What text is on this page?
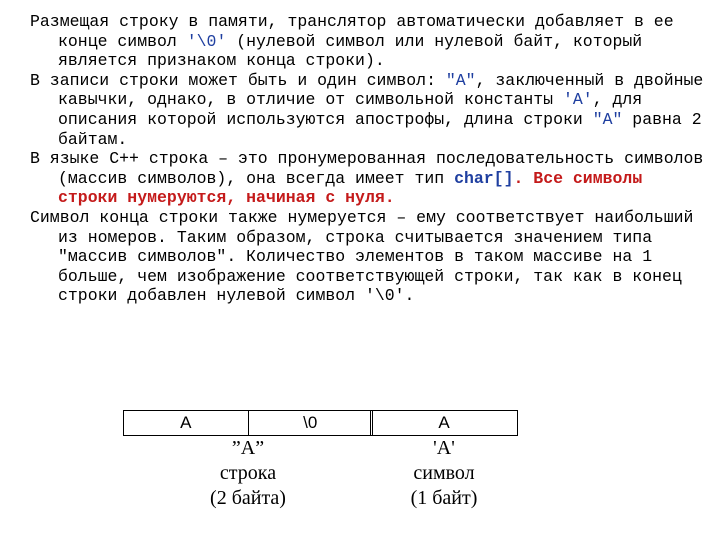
Размещая строку в памяти, транслятор автоматически добавляет в ее конце символ '\0' (нулевой символ или нулевой байт, который является признаком конца строки).

В записи строки может быть и один символ: "A", заключенный в двойные кавычки, однако, в отличие от символьной константы 'A', для описания которой используются апострофы, длина строки "A" равна 2 байтам.

В языке С++ строка – это пронумерованная последовательность символов (массив символов), она всегда имеет тип char[]. Все символы строки нумеруются, начиная с нуля.

Символ конца строки также нумеруется – ему соответствует наибольший из номеров. Таким образом, строка считывается значением типа "массив символов". Количество элементов в таком массиве на 1 больше, чем изображение соответствующей строки, так как в конец строки добавлен нулевой символ '\0'.

A	\0
”A”
строка
(2 байта)
A
'A'
символ
(1 байт)
